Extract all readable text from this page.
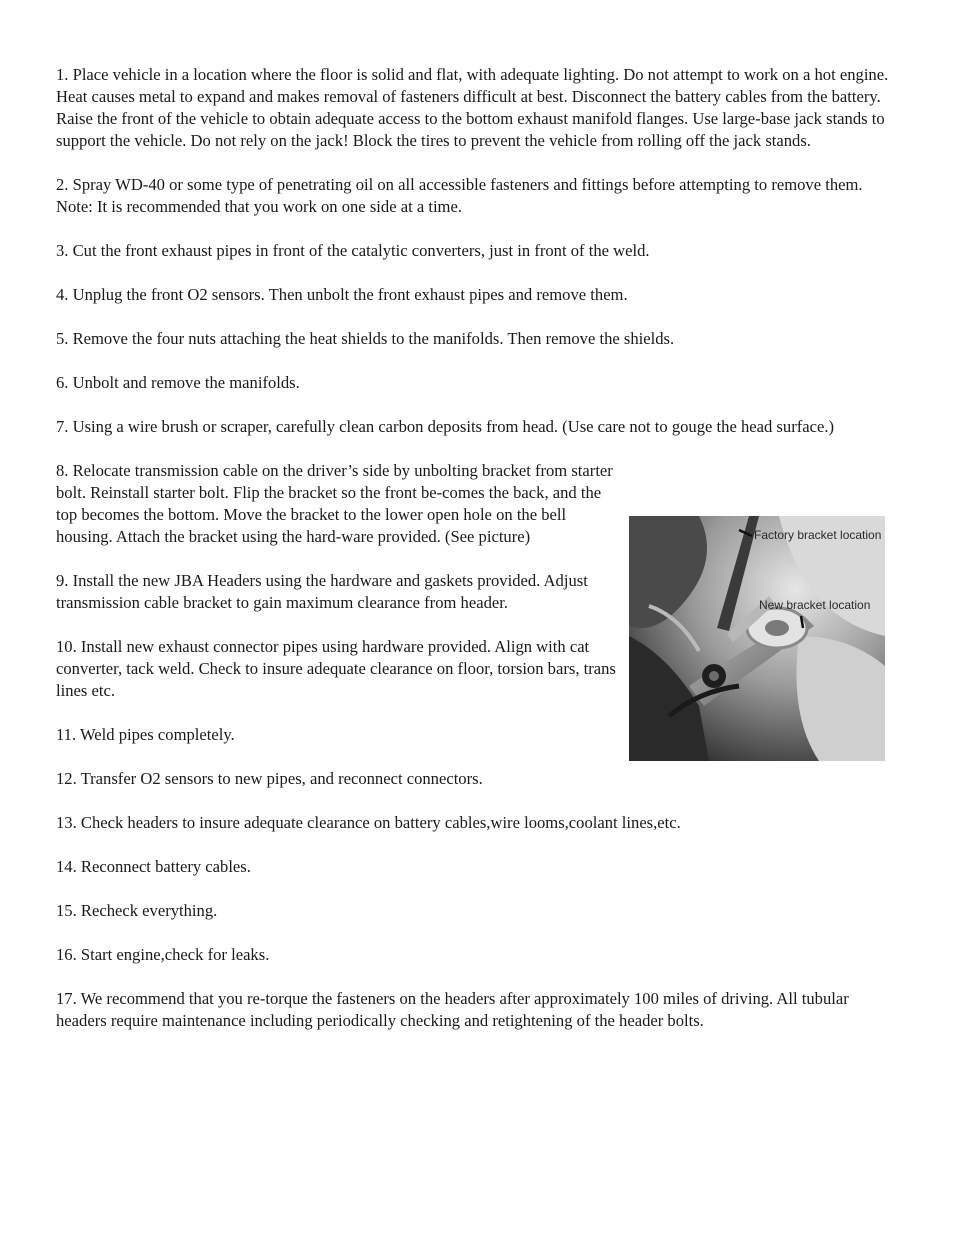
1. Place vehicle in a location where the floor is solid and flat, with adequate lighting. Do not attempt to work on a hot engine. Heat causes metal to expand and makes removal of fasteners difficult at best. Disconnect the battery cables from the battery. Raise the front of the vehicle to obtain adequate access to the bottom exhaust manifold flanges. Use large-base jack stands to support the vehicle. Do not rely on the jack! Block the tires to prevent the vehicle from rolling off the jack stands.

2. Spray WD-40 or some type of penetrating oil on all accessible fasteners and fittings before attempting to remove them.

Note: It is recommended that you work on one side at a time.

3. Cut the front exhaust pipes in front of the catalytic converters, just in front of the weld.

4. Unplug the front O2 sensors. Then unbolt the front exhaust pipes and remove them.

5. Remove the four nuts attaching the heat shields to the manifolds. Then remove the shields.

6. Unbolt and remove the manifolds.

7. Using a wire brush or scraper, carefully clean carbon deposits from head. (Use care not to gouge the head surface.)

8. Relocate transmission cable on the driver’s side by unbolting bracket from starter bolt. Reinstall starter bolt. Flip the bracket so the front be-comes the back, and the top becomes the bottom. Move the bracket to the lower open hole on the bell housing. Attach the bracket using the hard-ware provided. (See picture)

9. Install the new JBA Headers using the hardware and gaskets provided. Adjust transmission cable bracket to gain maximum clearance from header.

10. Install new exhaust connector pipes using hardware provided. Align with cat converter, tack weld. Check to insure adequate clearance on floor, torsion bars, trans lines etc.

11. Weld pipes completely.

12. Transfer O2 sensors to new pipes, and reconnect connectors.

13. Check headers to insure adequate clearance on battery cables,wire looms,coolant lines,etc.

14. Reconnect battery cables.

15. Recheck everything.

16. Start engine,check for leaks.

17. We recommend that you re-torque the fasteners on the headers after approximately 100 miles of driving. All tubular headers require maintenance including periodically checking and retightening of the header bolts.

Factory bracket location
New bracket location
